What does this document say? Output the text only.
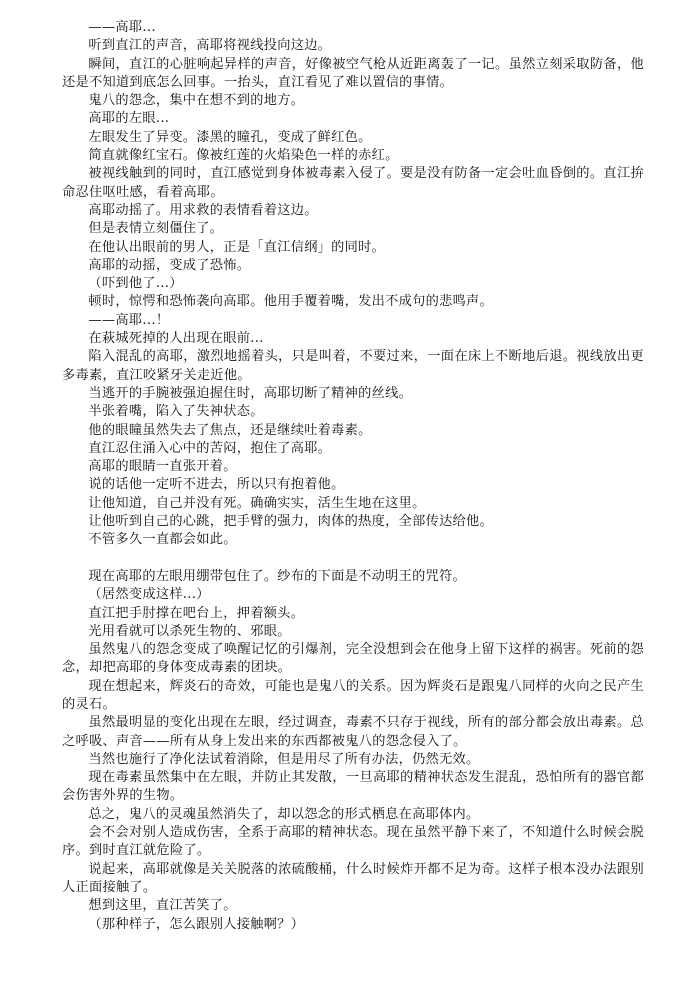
——高耶...

听到直江的声音，高耶将视线投向这边。

瞬间，直江的心脏响起异样的声音，好像被空气枪从近距离轰了一记。虽然立刻采取防备，他还是不知道到底怎么回事。一抬头，直江看见了难以置信的事情。

鬼八的怨念，集中在想不到的地方。

高耶的左眼...

左眼发生了异变。漆黑的瞳孔，变成了鲜红色。

简直就像红宝石。像被红莲的火焰染色一样的赤红。

被视线触到的同时，直江感觉到身体被毒素入侵了。要是没有防备一定会吐血昏倒的。直江拚命忍住呕吐感，看着高耶。

高耶动摇了。用求救的表情看着这边。

但是表情立刻僵住了。

在他认出眼前的男人，正是「直江信纲」的同时。

高耶的动摇，变成了恐怖。

（吓到他了...）

顿时，惊愕和恐怖袭向高耶。他用手覆着嘴，发出不成句的悲鸣声。

——高耶...！

在萩城死掉的人出现在眼前...

陷入混乱的高耶，激烈地摇着头，只是叫着，不要过来，一面在床上不断地后退。视线放出更多毒素，直江咬紧牙关走近他。

当逃开的手腕被强迫握住时，高耶切断了精神的丝线。

半张着嘴，陷入了失神状态。

他的眼瞳虽然失去了焦点，还是继续吐着毒素。

直江忍住涌入心中的苦闷，抱住了高耶。

高耶的眼睛一直张开着。

说的话他一定听不进去，所以只有抱着他。

让他知道，自己并没有死。确确实实，活生生地在这里。

让他听到自己的心跳，把手臂的强力，肉体的热度，全部传达给他。

不管多久一直都会如此。

现在高耶的左眼用绷带包住了。纱布的下面是不动明王的咒符。

（居然变成这样...）

直江把手肘撑在吧台上，押着额头。

光用看就可以杀死生物的、邪眼。

虽然鬼八的怨念变成了唤醒记忆的引爆剂，完全没想到会在他身上留下这样的祸害。死前的怨念，却把高耶的身体变成毒素的团块。

现在想起来，辉炎石的奇效，可能也是鬼八的关系。因为辉炎石是跟鬼八同样的火向之民产生的灵石。

虽然最明显的变化出现在左眼，经过调查，毒素不只存于视线，所有的部分都会放出毒素。总之呼吸、声音——所有从身上发出来的东西都被鬼八的怨念侵入了。

当然也施行了净化法试着消除，但是用尽了所有办法，仍然无效。

现在毒素虽然集中在左眼，并防止其发散，一旦高耶的精神状态发生混乱，恐怕所有的器官都会伤害外界的生物。

总之，鬼八的灵魂虽然消失了，却以怨念的形式栖息在高耶体内。

会不会对别人造成伤害，全系于高耶的精神状态。现在虽然平静下来了，不知道什么时候会脱序。到时直江就危险了。

说起来，高耶就像是关关脱落的浓硫酸桶，什么时候炸开都不足为奇。这样子根本没办法跟别人正面接触了。

想到这里，直江苦笑了。

（那种样子，怎么跟别人接触啊？）
